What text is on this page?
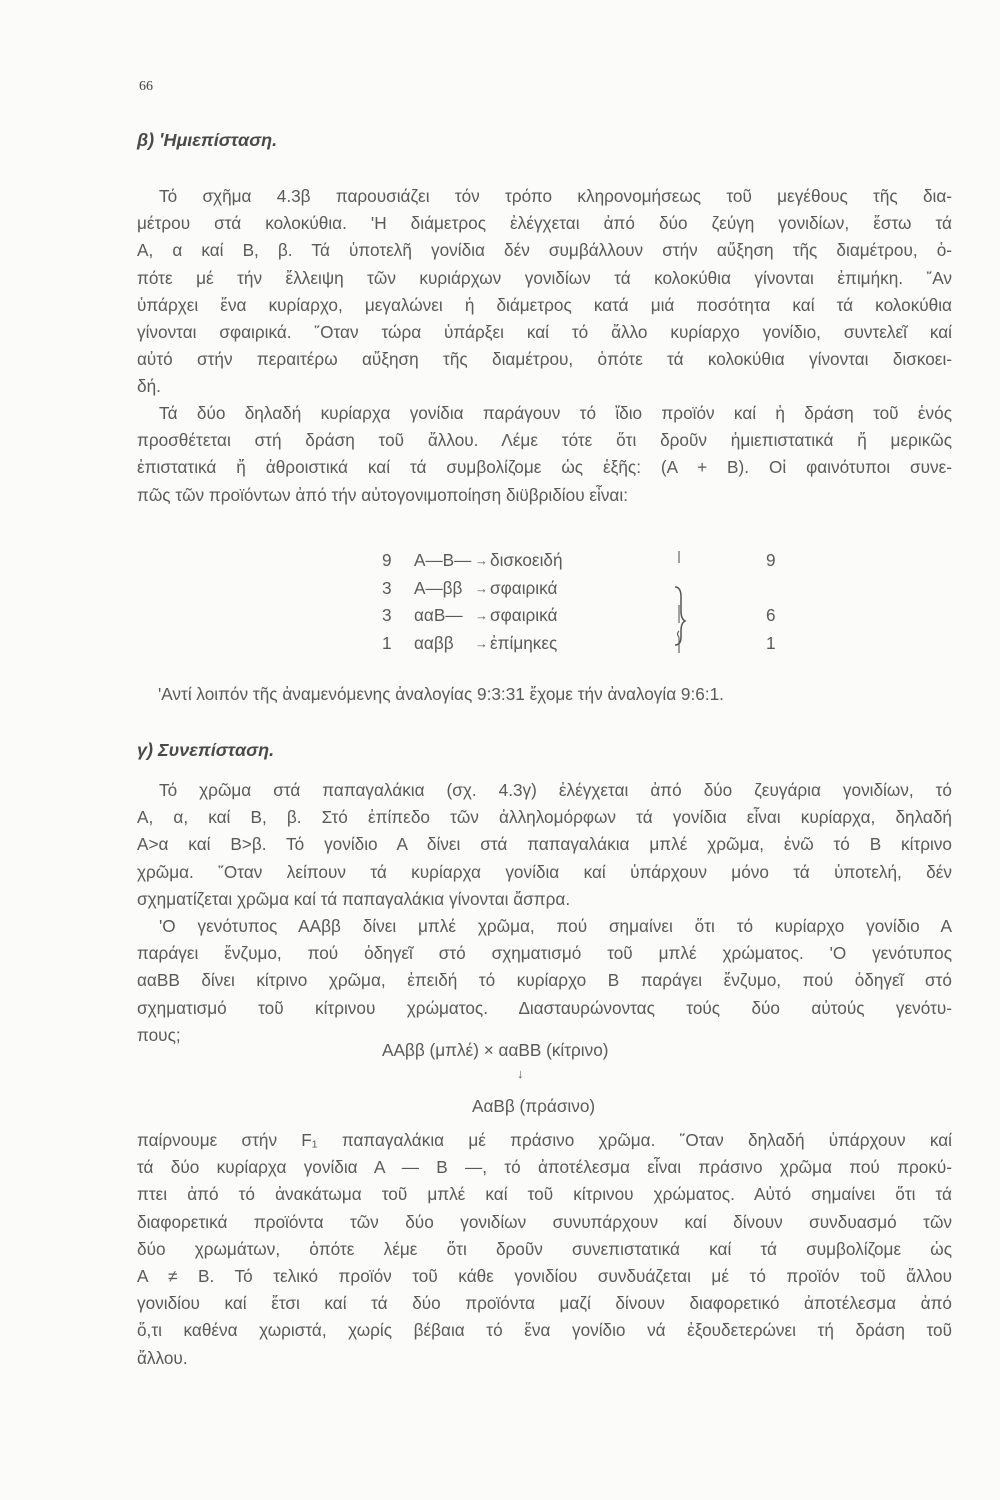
66
β) 'Ημιεπίσταση.
Τό σχῆμα 4.3β παρουσιάζει τόν τρόπο κληρονομήσεως τοῦ μεγέθους τῆς δια-
μέτρου στά κολοκύθια. 'Η διάμετρος ἐλέγχεται ἀπό δύο ζεύγη γονιδίων, ἔστω τά
Α, α καί Β, β. Τά ὑποτελῆ γονίδια δέν συμβάλλουν στήν αὔξηση τῆς διαμέτρου, ὁ-
πότε μέ τήν ἔλλειψη τῶν κυριάρχων γονιδίων τά κολοκύθια γίνονται ἐπιμήκη. ῎Αν
ὑπάρχει ἕνα κυρίαρχο, μεγαλώνει ἡ διάμετρος κατά μιά ποσότητα καί τά κολοκύθια
γίνονται σφαιρικά. ῞Οταν τώρα ὑπάρξει καί τό ἄλλο κυρίαρχο γονίδιο, συντελεῖ καί
αὐτό στήν περαιτέρω αὔξηση τῆς διαμέτρου, ὁπότε τά κολοκύθια γίνονται δισκοει-
δή.
Τά δύο δηλαδή κυρίαρχα γονίδια παράγουν τό ἴδιο προϊόν καί ἡ δράση τοῦ ἑνός
προσθέτεται στή δράση τοῦ ἄλλου. Λέμε τότε ὅτι δροῦν ἡμιεπιστατικά ἤ μερικῶς
ἐπιστατικά ἤ ἀθροιστικά καί τά συμβολίζομε ὡς ἑξῆς: (Α + Β). Οἱ φαινότυποι συνε-
πῶς τῶν προϊόντων ἀπό τήν αὐτογονιμοποίηση διϋβριδίου εἶναι:
9 Α—Β— → δισκοειδή	9
3 Α—ββ → σφαιρικά
3 ααΒ— → σφαιρικά	6
1 ααββ → ἐπίμηκες	1
'Αντί λοιπόν τῆς ἀναμενόμενης ἀναλογίας 9:3:31 ἔχομε τήν ἀναλογία 9:6:1.
γ) Συνεπίσταση.
Τό χρῶμα στά παπαγαλάκια (σχ. 4.3γ) ἐλέγχεται ἀπό δύο ζευγάρια γονιδίων, τό
Α, α, καί Β, β. Στό ἐπίπεδο τῶν ἀλληλομόρφων τά γονίδια εἶναι κυρίαρχα, δηλαδή
Α>α καί Β>β. Τό γονίδιο Α δίνει στά παπαγαλάκια μπλέ χρῶμα, ἐνῶ τό Β κίτρινο
χρῶμα. ῞Οταν λείπουν τά κυρίαρχα γονίδια καί ὑπάρχουν μόνο τά ὑποτελή, δέν
σχηματίζεται χρῶμα καί τά παπαγαλάκια γίνονται ἄσπρα.
'Ο γενότυπος ΑΑββ δίνει μπλέ χρῶμα, πού σημαίνει ὅτι τό κυρίαρχο γονίδιο Α
παράγει ἔνζυμο, πού ὁδηγεῖ στό σχηματισμό τοῦ μπλέ χρώματος. 'Ο γενότυπος
ααΒΒ δίνει κίτρινο χρῶμα, ἐπειδή τό κυρίαρχο Β παράγει ἔνζυμο, πού ὁδηγεῖ στό
σχηματισμό τοῦ κίτρινου χρώματος. Διασταυρώνοντας τούς δύο αὐτούς γενότυ-
πους;
ΑΑββ (μπλέ) × ααΒΒ (κίτρινο)
↓
ΑαΒβ (πράσινο)
παίρνουμε στήν F₁ παπαγαλάκια μέ πράσινο χρῶμα. ῞Οταν δηλαδή ὑπάρχουν καί
τά δύο κυρίαρχα γονίδια Α — Β —, τό ἀποτέλεσμα εἶναι πράσινο χρῶμα πού προκύ-
πτει ἀπό τό ἀνακάτωμα τοῦ μπλέ καί τοῦ κίτρινου χρώματος. Αὐτό σημαίνει ὅτι τά
διαφορετικά προϊόντα τῶν δύο γονιδίων συνυπάρχουν καί δίνουν συνδυασμό τῶν
δύο χρωμάτων, ὁπότε λέμε ὅτι δροῦν συνεπιστατικά καί τά συμβολίζομε ὡς
Α ≠ Β. Τό τελικό προϊόν τοῦ κάθε γονιδίου συνδυάζεται μέ τό προϊόν τοῦ ἄλλου
γονιδίου καί ἔτσι καί τά δύο προϊόντα μαζί δίνουν διαφορετικό ἀποτέλεσμα ἀπό
ὅ,τι καθένα χωριστά, χωρίς βέβαια τό ἕνα γονίδιο νά ἐξουδετερώνει τή δράση τοῦ
ἄλλου.
